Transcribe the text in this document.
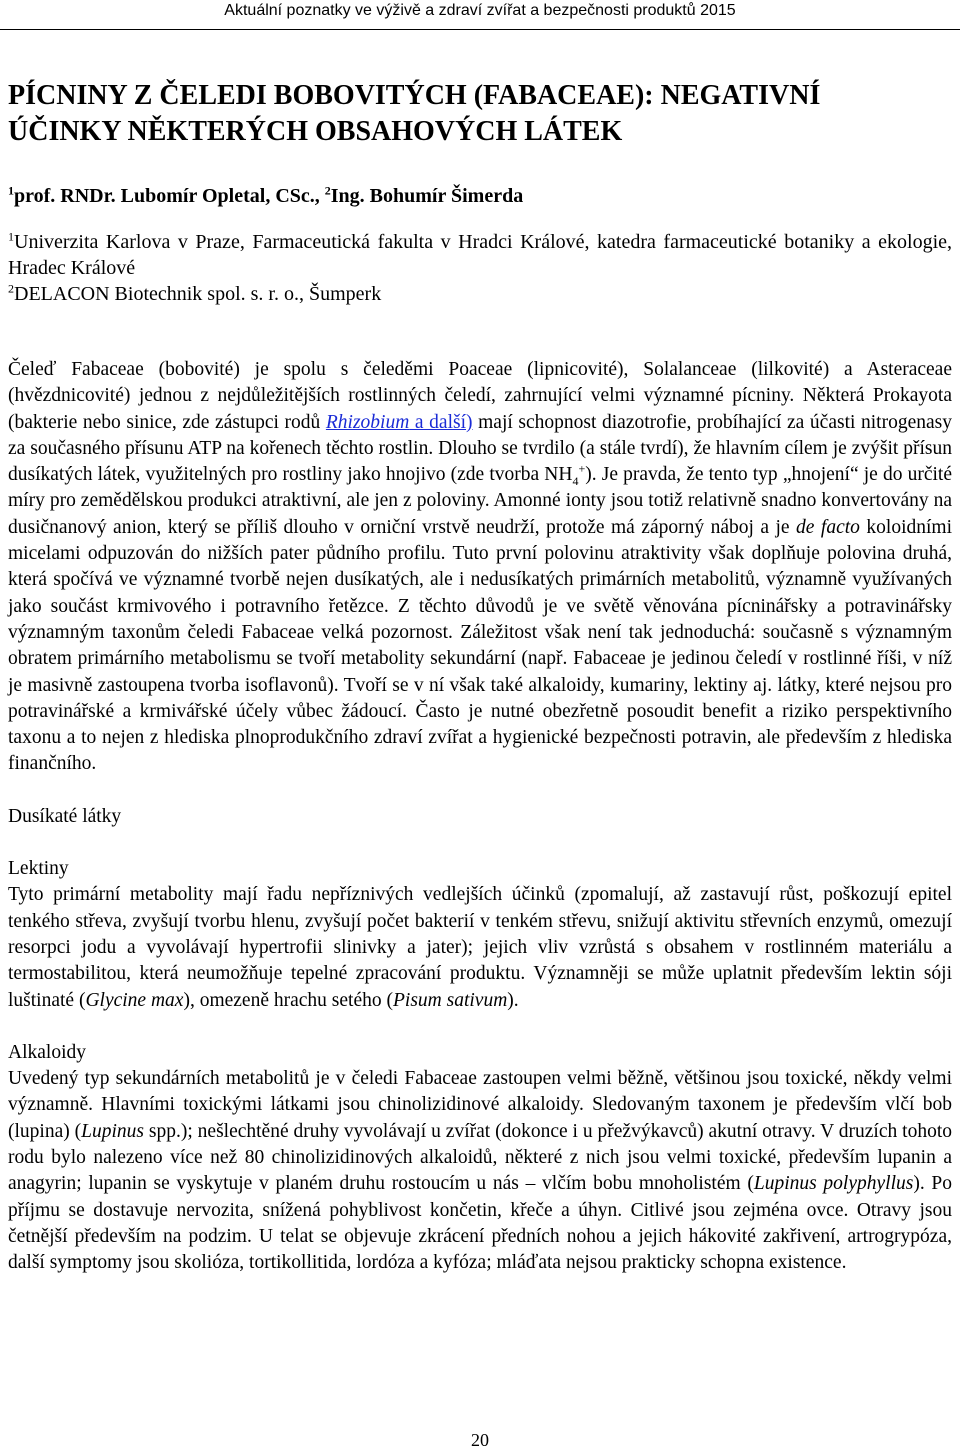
Aktuální poznatky ve výživě a zdraví zvířat a bezpečnosti produktů 2015
PÍCNINY Z ČELEDI BOBOVITÝCH (FABACEAE): NEGATIVNÍ
ÚČINKY NĚKTERÝCH OBSAHOVÝCH LÁTEK
$^1$prof. RNDr. Lubomír Opletal, CSc., $^2$Ing. Bohumír Šimerda
$^1$Univerzita Karlova v Praze, Farmaceutická fakulta v Hradci Králové, katedra farmaceutické botaniky a ekologie, Hradec Králové
$^2$DELACON Biotechnik spol. s. r. o., Šumperk

Čeleď Fabaceae (bobovité) je spolu s čeleděmi Poaceae (lipnicovité), Solalanceae (lilkovité) a Asteraceae (hvězdnicovité) jednou z nejdůležitějších rostlinných čeledí, zahrnující velmi významné pícniny. Některá Prokayota (bakterie nebo sinice, zde zástupci rodů Rhizobium a další) mají schopnost diazotrofie, probíhající za účasti nitrogenasy za současného přísunu ATP na kořenech těchto rostlin. Dlouho se tvrdilo (a stále tvrdí), že hlavním cílem je zvýšit přísun dusíkatých látek, využitelných pro rostliny jako hnojivo (zde tvorba $NH_4^+$). Je pravda, že tento typ „hnojení“ je do určité míry pro zemědělskou produkci atraktivní, ale jen z poloviny. Amonné ionty jsou totiž relativně snadno konvertovány na dusičnanový anion, který se příliš dlouho v orniční vrstvě neudrží, protože má záporný náboj a je de facto koloidními micelami odpuzován do nižších pater půdního profilu. Tuto první polovinu atraktivity však doplňuje polovina druhá, která spočívá ve významné tvorbě nejen dusíkatých, ale i nedusíkatých primárních metabolitů, významně využívaných jako součást krmivového i potravního řetězce. Z těchto důvodů je ve světě věnována pícninářsky a potravinářsky významným taxonům čeledi Fabaceae velká pozornost. Záležitost však není tak jednoduchá: současně s významným obratem primárního metabolismu se tvoří metabolity sekundární (např. Fabaceae je jedinou čeledí v rostlinné říši, v níž je masivně zastoupena tvorba isoflavonů). Tvoří se v ní však také alkaloidy, kumariny, lektiny aj. látky, které nejsou pro potravinářské a krmivářské účely vůbec žádoucí. Často je nutné obezřetně posoudit benefit a riziko perspektivního taxonu a to nejen z hlediska plnoprodukčního zdraví zvířat a hygienické bezpečnosti potravin, ale především z hlediska finančního.

Dusíkaté látky

Lektiny

Tyto primární metabolity mají řadu nepříznivých vedlejších účinků (zpomalují, až zastavují růst, poškozují epitel tenkého střeva, zvyšují tvorbu hlenu, zvyšují počet bakterií v tenkém střevu, snižují aktivitu střevních enzymů, omezují resorpci jodu a vyvolávají hypertrofii slinivky a jater); jejich vliv vzrůstá s obsahem v rostlinném materiálu a termostabilitou, která neumožňuje tepelné zpracování produktu. Významněji se může uplatnit především lektin sóji luštinaté (Glycine max), omezeně hrachu setého (Pisum sativum).

Alkaloidy

Uvedený typ sekundárních metabolitů je v čeledi Fabaceae zastoupen velmi běžně, většinou jsou toxické, někdy velmi významně. Hlavními toxickými látkami jsou chinolizidinové alkaloidy. Sledovaným taxonem je především vlčí bob (lupina) (Lupinus spp.); nešlechtěné druhy vyvolávají u zvířat (dokonce i u přežvýkavců) akutní otravy. V druzích tohoto rodu bylo nalezeno více než 80 chinolizidinových alkaloidů, některé z nich jsou velmi toxické, především lupanin a anagyrin; lupanin se vyskytuje v planém druhu rostoucím u nás – vlčím bobu mnoholistém (Lupinus polyphyllus). Po příjmu se dostavuje nervozita, snížená pohyblivost končetin, křeče a úhyn. Citlivé jsou zejména ovce. Otravy jsou četnější především na podzim. U telat se objevuje zkrácení předních nohou a jejich hákovité zakřivení, artrogrypóza, další symptomy jsou skolióza, tortikollitida, lordóza a kyfóza; mláďata nejsou prakticky schopna existence.

20
